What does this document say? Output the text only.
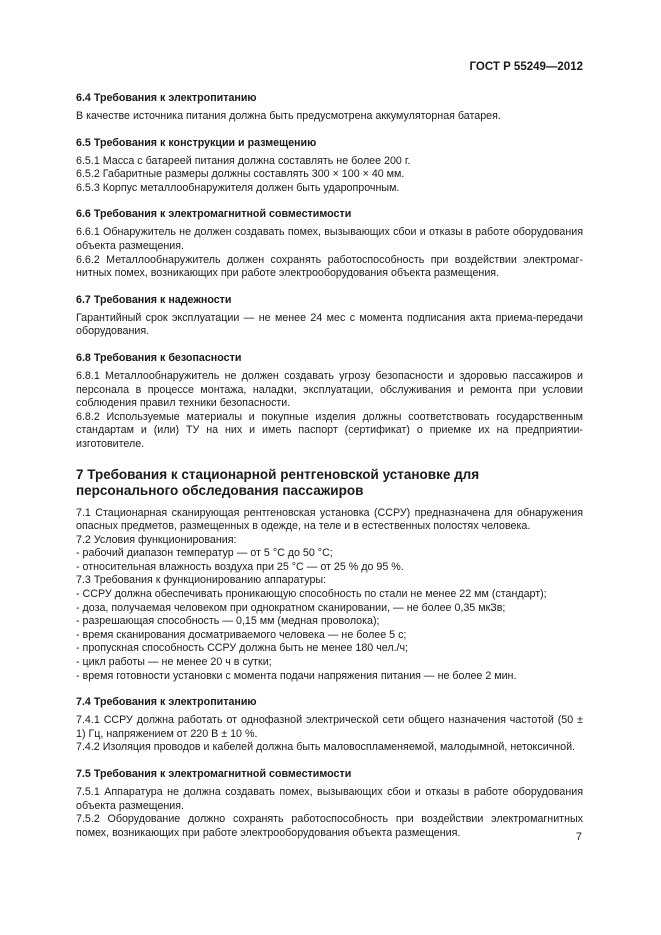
ГОСТ Р 55249—2012
6.4 Требования к электропитанию

В качестве источника питания должна быть предусмотрена аккумуляторная батарея.

6.5 Требования к конструкции и размещению

6.5.1 Масса с батареей питания должна составлять не более 200 г.

6.5.2 Габаритные размеры должны составлять 300 × 100 × 40 мм.

6.5.3 Корпус металлообнаружителя должен быть ударопрочным.

6.6 Требования к электромагнитной совместимости

6.6.1 Обнаружитель не должен создавать помех, вызывающих сбои и отказы в работе оборудования объекта размещения.

6.6.2 Металлообнаружитель должен сохранять работоспособность при воздействии электромагнитных помех, возникающих при работе электрооборудования объекта размещения.

6.7 Требования к надежности

Гарантийный срок эксплуатации — не менее 24 мес с момента подписания акта приема-передачи оборудования.

6.8 Требования к безопасности

6.8.1 Металлообнаружитель не должен создавать угрозу безопасности и здоровью пассажиров и персонала в процессе монтажа, наладки, эксплуатации, обслуживания и ремонта при условии соблюдения правил техники безопасности.

6.8.2 Используемые материалы и покупные изделия должны соответствовать государственным стандартам и (или) ТУ на них и иметь паспорт (сертификат) о приемке их на предприятии-изготовителе.

7 Требования к стационарной рентгеновской установке для персонального обследования пассажиров

7.1 Стационарная сканирующая рентгеновская установка (ССРУ) предназначена для обнаружения опасных предметов, размещенных в одежде, на теле и в естественных полостях человека.

7.2 Условия функционирования:

- рабочий диапазон температур — от 5 °С до 50 °С;

- относительная влажность воздуха при 25 °С — от 25 % до 95 %.

7.3 Требования к функционированию аппаратуры:

- ССРУ должна обеспечивать проникающую способность по стали не менее 22 мм (стандарт);

- доза, получаемая человеком при однократном сканировании, — не более 0,35 мкЗв;

- разрешающая способность — 0,15 мм (медная проволока);

- время сканирования досматриваемого человека — не более 5 с;

- пропускная способность ССРУ должна быть не менее 180 чел./ч;

- цикл работы — не менее 20 ч в сутки;

- время готовности установки с момента подачи напряжения питания — не более 2 мин.

7.4 Требования к электропитанию

7.4.1 ССРУ должна работать от однофазной электрической сети общего назначения частотой (50 ± 1) Гц, напряжением от 220 В ± 10 %.

7.4.2 Изоляция проводов и кабелей должна быть маловоспламеняемой, малодымной, нетоксичной.

7.5 Требования к электромагнитной совместимости

7.5.1 Аппаратура не должна создавать помех, вызывающих сбои и отказы в работе оборудования объекта размещения.

7.5.2 Оборудование должно сохранять работоспособность при воздействии электромагнитных помех, возникающих при работе электрооборудования объекта размещения.	7
